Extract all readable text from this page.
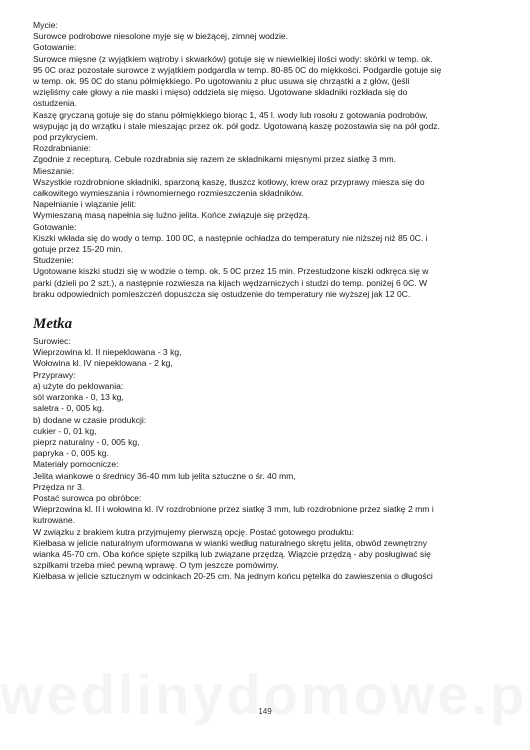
Mycie:
Surowce podrobowe niesolone myje się w bieżącej, zimnej wodzie.
Gotowanie:
Surowce mięsne (z wyjątkiem wątroby i skwarków) gotuje się w niewielkiej ilości wody: skórki w temp. ok.
95 0C oraz pozostałe surowce z wyjątkiem podgardla w temp. 80-85 0C do miękkości. Podgardle gotuje się
w temp. ok. 95 0C do stanu półmiękkiego. Po ugotowaniu z płuc usuwa się chrząstki a z głów, (jeśli
wzięliśmy całe głowy a nie maski i mięso) oddziela się mięso. Ugotowane składniki rozkłada się do
ostudzenia.
Kaszę gryczaną gotuje się do stanu półmiękkiego biorąc 1, 45 l. wody lub rosołu z gotowania podrobów,
wsypując ją do wrzątku i stale mieszając przez ok. pół godz. Ugotowaną kaszę pozostawia się na pół godz.
pod przykryciem.
Rozdrabnianie:
Zgodnie z recepturą. Cebule rozdrabnia się razem ze składnikami mięsnymi przez siatkę 3 mm.
Mieszanie:
Wszystkie rozdrobnione składniki, sparzoną kaszę, tłuszcz kotłowy, krew oraz przyprawy miesza się do
całkowitego wymieszania i równomiernego rozmieszczenia składników.
Napełnianie i wiązanie jelit:
Wymieszaną masą napełnia się luźno jelita. Końce związuje się przędzą.
Gotowanie:
Kiszki wkłada się do wody o temp. 100 0C, a następnie ochładza do temperatury nie niższej niż 85 0C. i
gotuje przez 15-20 min.
Studzenie:
Ugotowane kiszki studzi się w wodzie o temp. ok. 5 0C przez 15 min. Przestudzone kiszki odkręca się w
parki (dzieli po 2 szt.), a następnie rozwiesza na kijach wędzarniczych i studzi do temp. poniżej 6 0C. W
braku odpowiednich pomieszczeń dopuszcza się ostudzenie do temperatury nie wyższej jak 12 0C.
Metka
Surowiec:
Wieprzowina kl. II niepeklowana - 3 kg,
Wołowina kl. IV niepeklowana - 2 kg,
Przyprawy:
a) użyte do peklowania:
sól warzonka - 0, 13 kg,
saletra - 0, 005 kg.
b) dodane w czasie produkcji:
cukier - 0, 01 kg,
pieprz naturalny - 0, 005 kg,
papryka - 0, 005 kg.
Materiały pomocnicze:
Jelita wiankowe o średnicy 36-40 mm lub jelita sztuczne o śr. 40 mm,
Przędza nr 3.
Postać surowca po obróbce:
Wieprzowina kl. II i wołowina kl. IV rozdrobnione przez siatkę 3 mm, lub rozdrobnione przez siatkę 2 mm i
kutrowane.
W związku z brakiem kutra przyjmujemy pierwszą opcję. Postać gotowego produktu:
Kiełbasa w jelicie naturalnym uformowana w wianki według naturalnego skrętu jelita, obwód zewnętrzny
wianka 45-70 cm. Oba końce spięte szpilką lub związane przędzą. Wiązcie przędzą - aby posługiwać się
szpilkami trzeba mieć pewną wprawę. O tym jeszcze pomówimy.
Kiełbasa w jelicie sztucznym w odcinkach 20-25 cm. Na jednym końcu pętelka do zawieszenia o długości
149
